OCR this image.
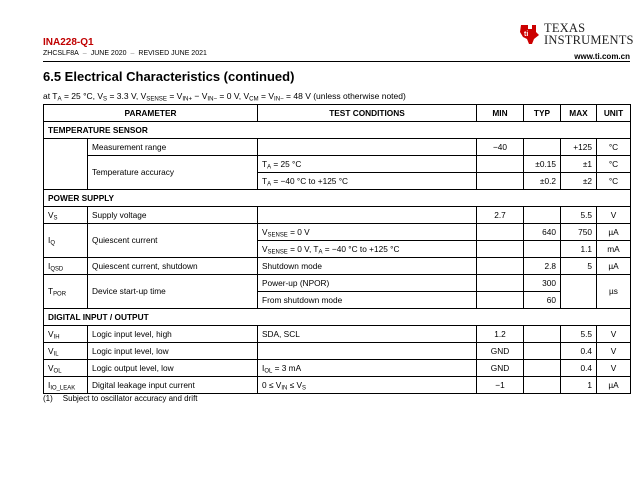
INA228-Q1
ZHCSLF8A – JUNE 2020 – REVISED JUNE 2021
ti TEXAS
INSTRUMENTS
www.ti.com.cn
6.5 Electrical Characteristics (continued)
at $T_A = 25$ °C, $V_S = 3.3$ V, $V_{SENSE} = V_{IN+} - V_{IN-} = 0$ V, $V_{CM} = V_{IN-} = 48$ V (unless otherwise noted)
PARAMETER		TEST CONDITIONS	MIN	TYP	MAX	UNIT
TEMPERATURE SENSOR						
	Measurement range		−40		+125	°C
	Temperature accuracy	$T_A = 25$ °C		±0.15	±1	°C
		$T_A = -40$ °C to +125 °C		±0.2	±2	°C
POWER SUPPLY						
$V_S$	Supply voltage		2.7		5.5	V
$I_Q$	Quiescent current	$V_{SENSE} = 0$ V		640	750	µA
		$V_{SENSE} = 0$ V, $T_A = -40$ °C to +125 °C			1.1	mA
$I_{QSD}$	Quiescent current, shutdown	Shutdown mode		2.8	5	µA
$T_{POR}$	Device start-up time	Power-up (NPOR)		300		µs
		From shutdown mode		60		
DIGITAL INPUT / OUTPUT						
$V_{IH}$	Logic input level, high	SDA, SCL	1.2		5.5	V
$V_{IL}$	Logic input level, low		GND		0.4	V
$V_{OL}$	Logic output level, low	$I_{OL} = 3$ mA	GND		0.4	V
$I_{IO\_LEAK}$	Digital leakage input current	$0 \le V_{IN} \le V_S$	−1		1	µA
(1) Subject to oscillator accuracy and drift
